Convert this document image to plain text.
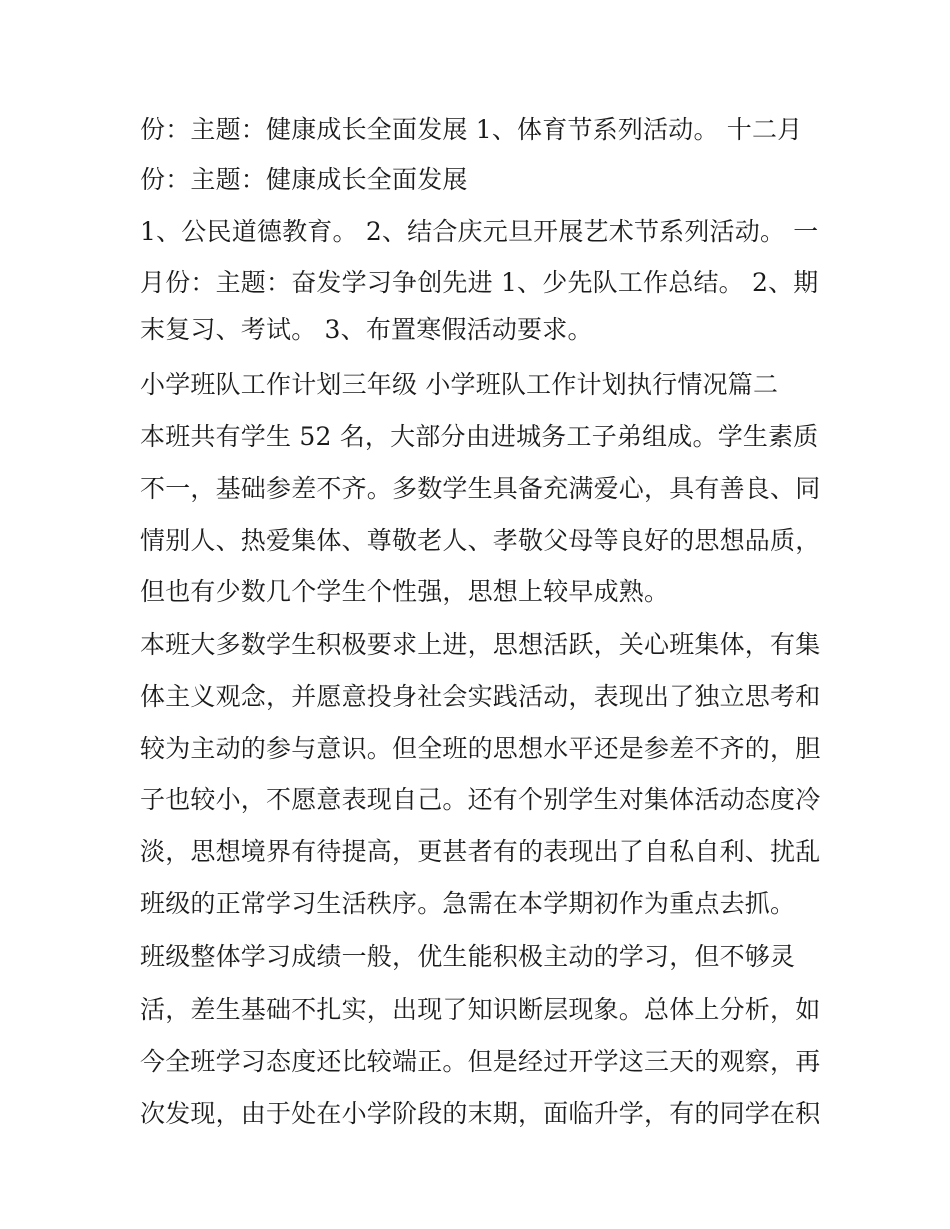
份：主题：健康成长全面发展 1、体育节系列活动。 十二月
份：主题：健康成长全面发展
1、公民道德教育。 2、结合庆元旦开展艺术节系列活动。 一
月份：主题：奋发学习争创先进 1、少先队工作总结。 2、期
末复习、考试。 3、布置寒假活动要求。
小学班队工作计划三年级 小学班队工作计划执行情况篇二
本班共有学生 52 名，大部分由进城务工子弟组成。学生素质
不一，基础参差不齐。多数学生具备充满爱心，具有善良、同
情别人、热爱集体、尊敬老人、孝敬父母等良好的思想品质，
但也有少数几个学生个性强，思想上较早成熟。
本班大多数学生积极要求上进，思想活跃，关心班集体，有集
体主义观念，并愿意投身社会实践活动，表现出了独立思考和
较为主动的参与意识。但全班的思想水平还是参差不齐的，胆
子也较小，不愿意表现自己。还有个别学生对集体活动态度冷
淡，思想境界有待提高，更甚者有的表现出了自私自利、扰乱
班级的正常学习生活秩序。急需在本学期初作为重点去抓。
班级整体学习成绩一般，优生能积极主动的学习，但不够灵
活，差生基础不扎实，出现了知识断层现象。总体上分析，如
今全班学习态度还比较端正。但是经过开学这三天的观察，再
次发现，由于处在小学阶段的末期，面临升学，有的同学在积
